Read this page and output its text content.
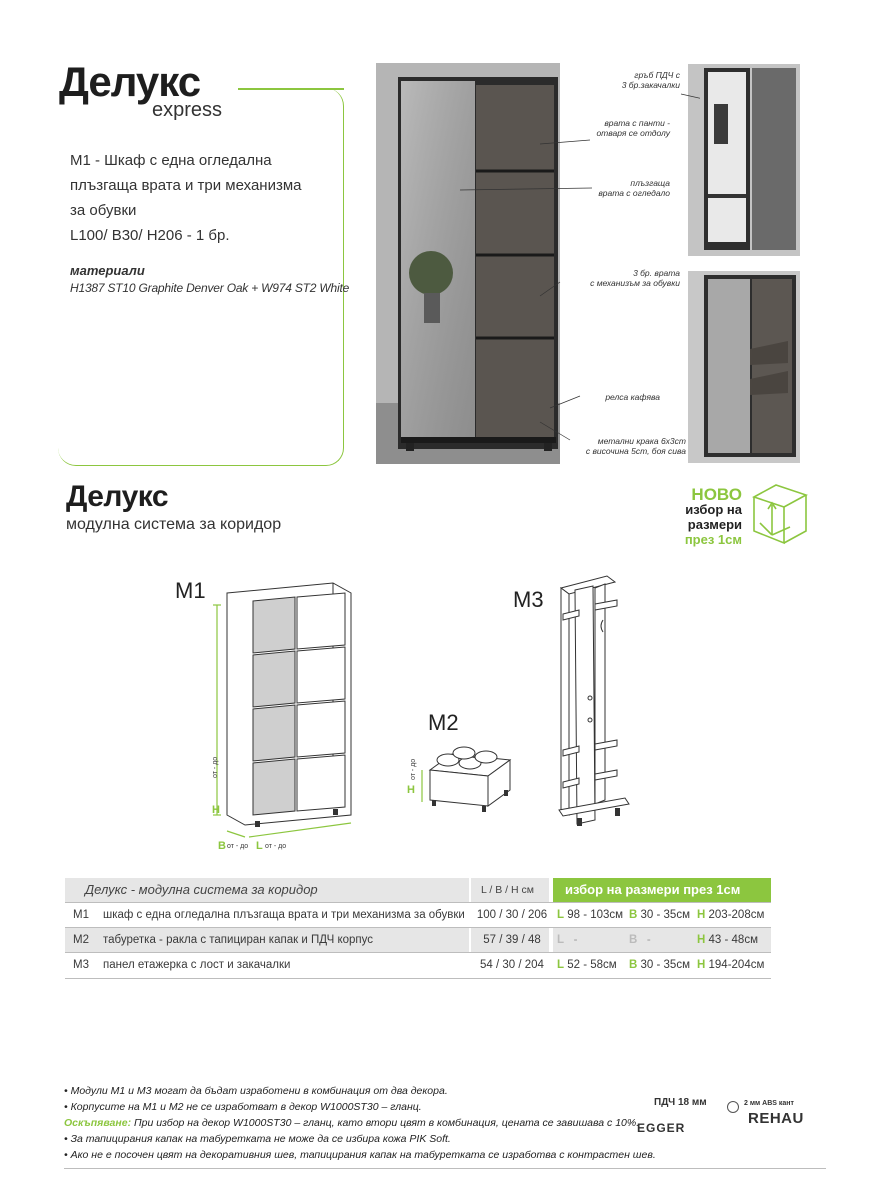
Делукс
express
M1 - Шкаф с една огледална
плъзгаща врата и три механизма
за обувки
L100/ B30/ H206 - 1 бр.
материали
H1387 ST10 Graphite Denver Oak + W974 ST2 White
гръб ПДЧ с
3 бр.закачалки
врата с панти -
отваря се отдолу
плъзгаща
врата с огледало
3 бр. врата
с механизъм за обувки
релса кафява
метални крака 6х3ст
с височина 5ст, боя сива
Делукс
модулна система за коридор
НОВО
избор на
размери
през 1см
M1	M3
M2
от - до
H
B от - до L от - до
H
от - до
Делукс - модулна система за коридор	L / B / H см	избор на размери през 1см
M1 шкаф с една огледална плъзгаща врата и три механизма за обувки 100 / 30 / 206 L 98 - 103см B 30 - 35см H 203-208см
M2 табуретка - ракла с тапициран капак и ПДЧ корпус	57 / 39 / 48	L -	B -	H 43 - 48см
M3 панел етажерка с лост и закачалки	54 / 30 / 204	L 52 - 58см B 30 - 35см H 194-204см
• Модули M1 и M3 могат да бъдат изработени в комбинация от два декора.
• Корпусите на M1 и M2 не се изработват в декор W1000ST30 – гланц.
Оскъпяване: При избор на декор W1000ST30 – гланц, като втори цвят в комбинация, цената се завишава с 10%.
• За тапицирания капак на табуретката не може да се избира кожа PIK Soft.
• Ако не е посочен цвят на декоративния шев, тапицирания капак на табуретката се изработва с контрастен шев.
ПДЧ 18 мм
EGGER
2 мм ABS кант
REHAU
